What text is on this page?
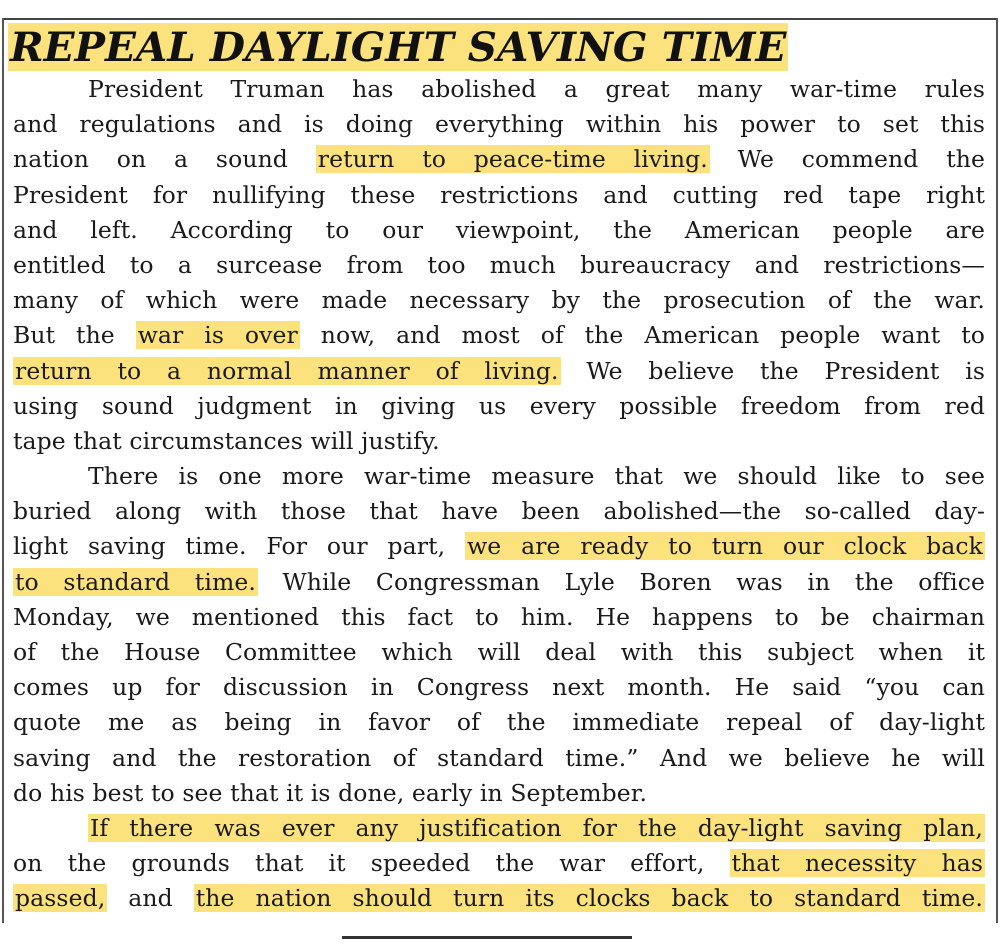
REPEAL DAYLIGHT SAVING TIME
President Truman has abolished a great many war-time rules
and regulations and is doing everything within his power to set this
nation on a sound return to peace-time living. We commend the
President for nullifying these restrictions and cutting red tape right
and left. According to our viewpoint, the American people are
entitled to a surcease from too much bureaucracy and restrictions—
many of which were made necessary by the prosecution of the war.
But the war is over now, and most of the American people want to
return to a normal manner of living. We believe the President is
using sound judgment in giving us every possible freedom from red
tape that circumstances will justify.
There is one more war-time measure that we should like to see
buried along with those that have been abolished—the so-called day-
light saving time. For our part, we are ready to turn our clock back
to standard time. While Congressman Lyle Boren was in the office
Monday, we mentioned this fact to him. He happens to be chairman
of the House Committee which will deal with this subject when it
comes up for discussion in Congress next month. He said “you can
quote me as being in favor of the immediate repeal of day-light
saving and the restoration of standard time.” And we believe he will
do his best to see that it is done, early in September.
If there was ever any justification for the day-light saving plan,
on the grounds that it speeded the war effort, that necessity has
passed, and the nation should turn its clocks back to standard time.
